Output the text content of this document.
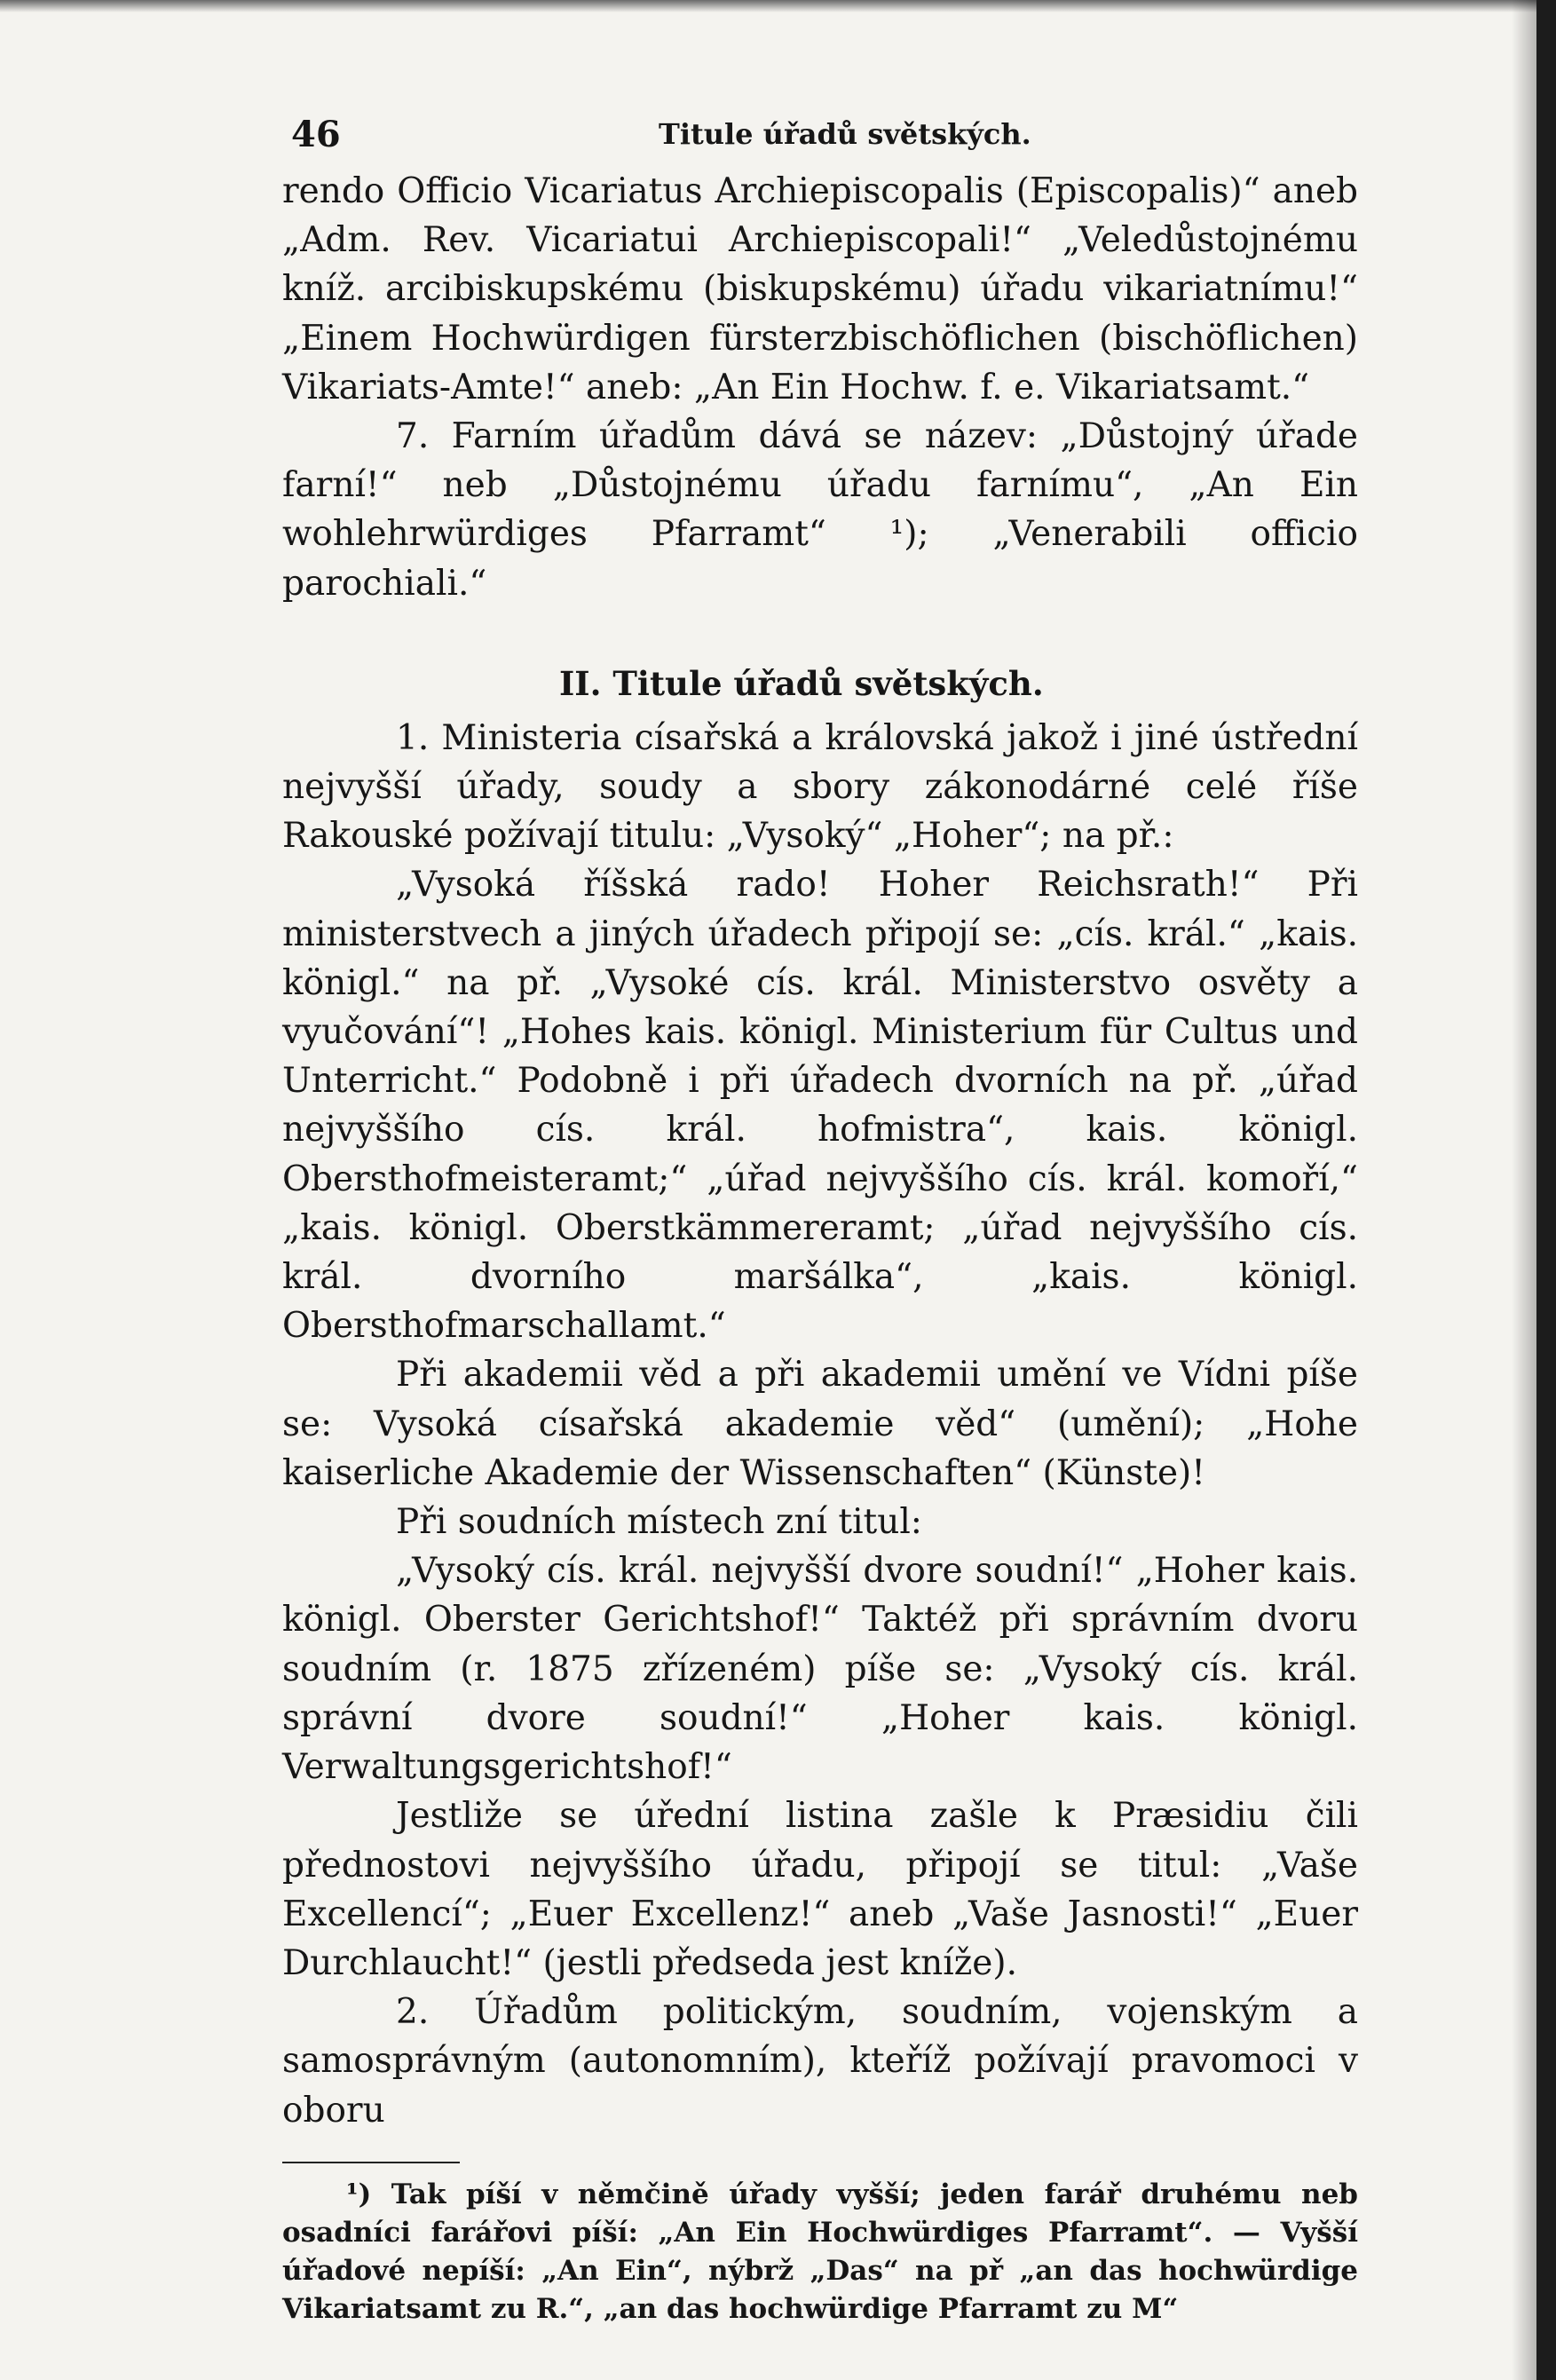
46	Titule úřadů světských.

rendo Officio Vicariatus Archiepiscopalis (Episcopalis)“ aneb „Adm. Rev. Vicariatui Archiepiscopali!“ „Veledůstojnému kníž. arcibiskupskému (biskupskému) úřadu vikariatnímu!“ „Einem Hochwürdigen fürsterzbischöflichen (bischöflichen) Vikariats-Amte!“ aneb: „An Ein Hochw. f. e. Vikariatsamt.“

7. Farním úřadům dává se název: „Důstojný úřade farní!“ neb „Důstojnému úřadu farnímu“, „An Ein wohlehrwürdiges Pfarramt“ ¹); „Venerabili officio parochiali.“

II. Titule úřadů světských.

1. Ministeria císařská a královská jakož i jiné ústřední nejvyšší úřady, soudy a sbory zákonodárné celé říše Rakouské požívají titulu: „Vysoký“ „Hoher“; na př.:

„Vysoká říšská rado! Hoher Reichsrath!“ Při ministerstvech a jiných úřadech připojí se: „cís. král.“ „kais. königl.“ na př. „Vysoké cís. král. Ministerstvo osvěty a vyučování“! „Hohes kais. königl. Ministerium für Cultus und Unterricht.“ Podobně i při úřadech dvorních na př. „úřad nejvyššího cís. král. hofmistra“, kais. königl. Obersthofmeisteramt;“ „úřad nejvyššího cís. král. komoří,“ „kais. königl. Oberstkämmereramt; „úřad nejvyššího cís. král. dvorního maršálka“, „kais. königl. Obersthofmarschallamt.“

Při akademii věd a při akademii umění ve Vídni píše se: Vysoká císařská akademie věd“ (umění); „Hohe kaiserliche Akademie der Wissenschaften“ (Künste)!

Při soudních místech zní titul:

„Vysoký cís. král. nejvyšší dvore soudní!“ „Hoher kais. königl. Oberster Gerichtshof!“ Taktéž při správním dvoru soudním (r. 1875 zřízeném) píše se: „Vysoký cís. král. správní dvore soudní!“ „Hoher kais. königl. Verwaltungsgerichtshof!“

Jestliže se úřední listina zašle k Præsidiu čili přednostovi nejvyššího úřadu, připojí se titul: „Vaše Excellencí“; „Euer Excellenz!“ aneb „Vaše Jasnosti!“ „Euer Durchlaucht!“ (jestli předseda jest kníže).

2. Úřadům politickým, soudním, vojenským a samosprávným (autonomním), kteříž požívají pravomoci v oboru

¹) Tak píší v němčině úřady vyšší; jeden farář druhému neb osadníci farářovi píší: „An Ein Hochwürdiges Pfarramt“. — Vyšší úřadové nepíší: „An Ein“, nýbrž „Das“ na př „an das hochwürdige Vikariatsamt zu R.“, „an das hochwürdige Pfarramt zu M“
